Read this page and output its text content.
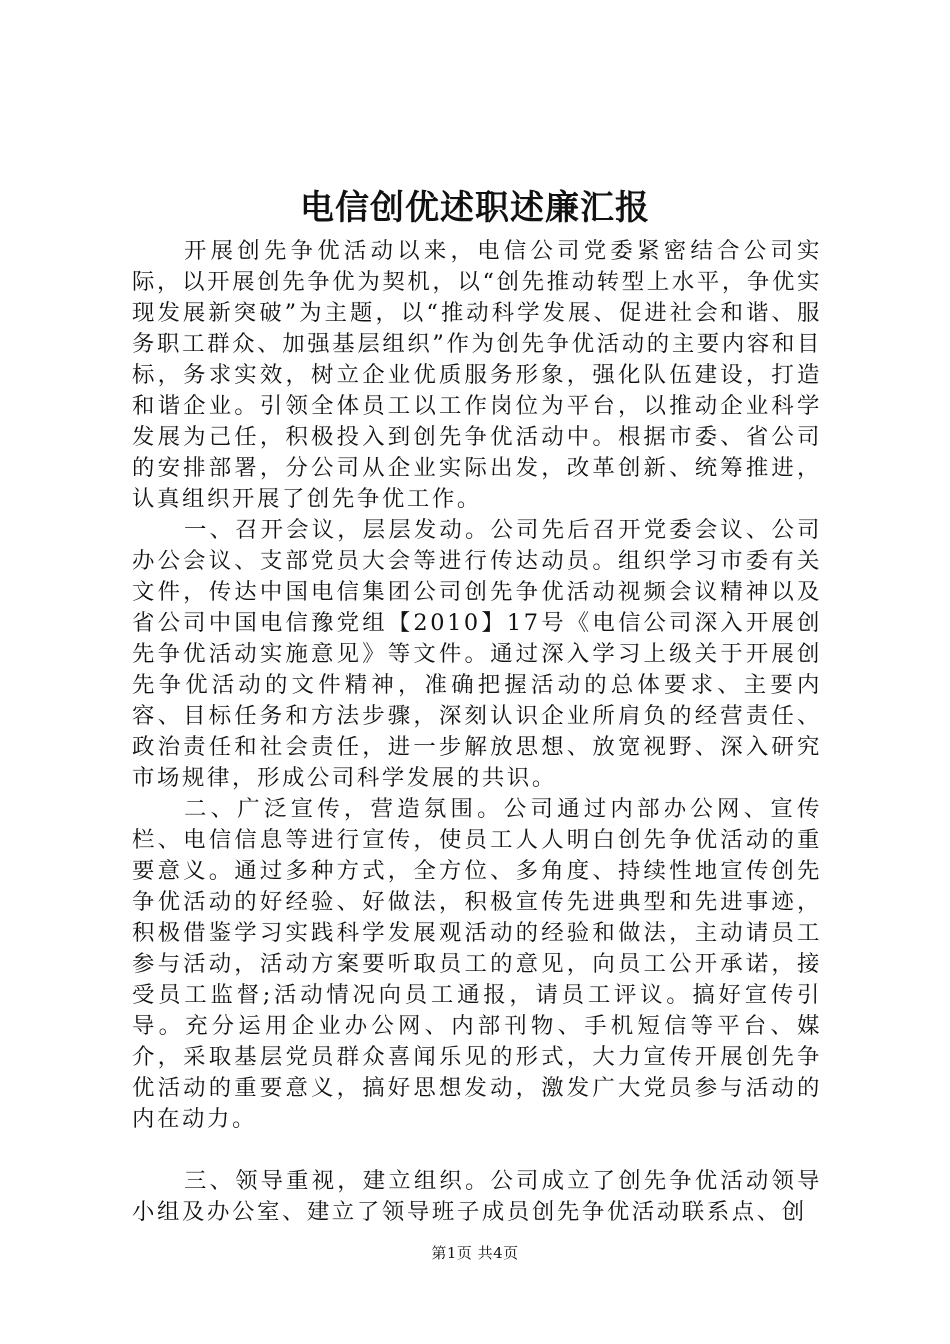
电信创优述职述廉汇报

开展创先争优活动以来，电信公司党委紧密结合公司实际，以开展创先争优为契机，以“创先推动转型上水平，争优实现发展新突破”为主题，以“推动科学发展、促进社会和谐、服务职工群众、加强基层组织”作为创先争优活动的主要内容和目标，务求实效，树立企业优质服务形象，强化队伍建设，打造和谐企业。引领全体员工以工作岗位为平台，以推动企业科学发展为己任，积极投入到创先争优活动中。根据市委、省公司的安排部署，分公司从企业实际出发，改革创新、统筹推进，认真组织开展了创先争优工作。

一、召开会议，层层发动。公司先后召开党委会议、公司办公会议、支部党员大会等进行传达动员。组织学习市委有关文件，传达中国电信集团公司创先争优活动视频会议精神以及省公司中国电信豫党组【2010】17号《电信公司深入开展创先争优活动实施意见》等文件。通过深入学习上级关于开展创先争优活动的文件精神，准确把握活动的总体要求、主要内容、目标任务和方法步骤，深刻认识企业所肩负的经营责任、政治责任和社会责任，进一步解放思想、放宽视野、深入研究市场规律，形成公司科学发展的共识。

二、广泛宣传，营造氛围。公司通过内部办公网、宣传栏、电信信息等进行宣传，使员工人人明白创先争优活动的重要意义。通过多种方式，全方位、多角度、持续性地宣传创先争优活动的好经验、好做法，积极宣传先进典型和先进事迹，积极借鉴学习实践科学发展观活动的经验和做法，主动请员工参与活动，活动方案要听取员工的意见，向员工公开承诺，接受员工监督;活动情况向员工通报，请员工评议。搞好宣传引导。充分运用企业办公网、内部刊物、手机短信等平台、媒介，采取基层党员群众喜闻乐见的形式，大力宣传开展创先争优活动的重要意义，搞好思想发动，激发广大党员参与活动的内在动力。

三、领导重视，建立组织。公司成立了创先争优活动领导小组及办公室、建立了领导班子成员创先争优活动联系点、创

第1页 共4页
